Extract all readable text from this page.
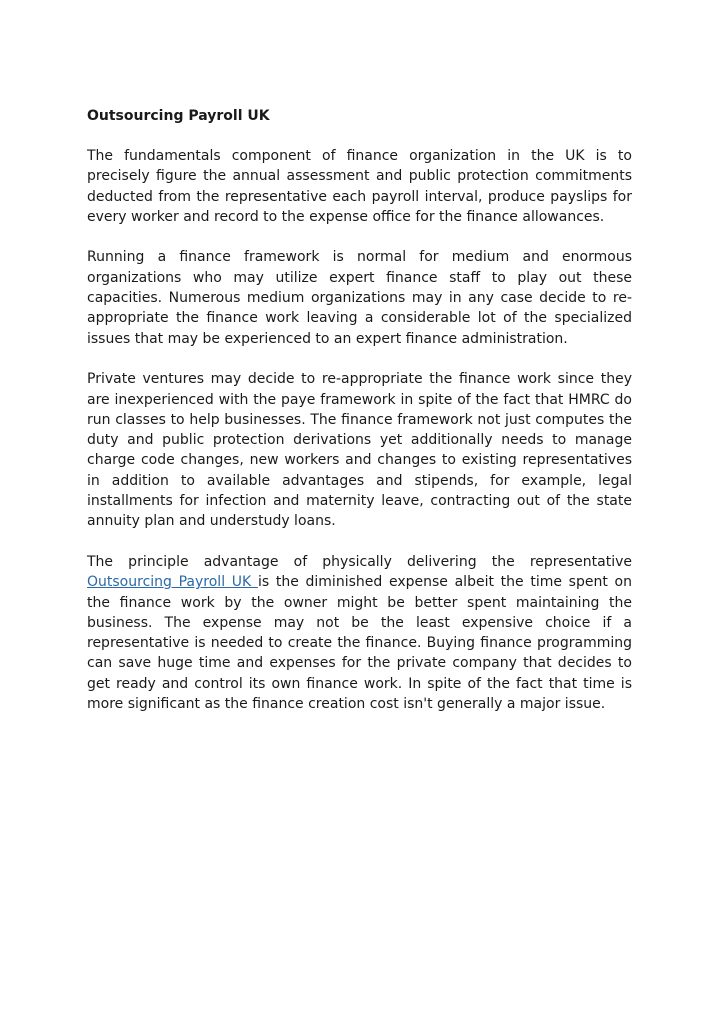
Outsourcing Payroll UK

The fundamentals component of finance organization in the UK is to precisely figure the annual assessment and public protection commitments deducted from the representative each payroll interval, produce payslips for every worker and record to the expense office for the finance allowances.

Running a finance framework is normal for medium and enormous organizations who may utilize expert finance staff to play out these capacities. Numerous medium organizations may in any case decide to re-appropriate the finance work leaving a considerable lot of the specialized issues that may be experienced to an expert finance administration.

Private ventures may decide to re-appropriate the finance work since they are inexperienced with the paye framework in spite of the fact that HMRC do run classes to help businesses. The finance framework not just computes the duty and public protection derivations yet additionally needs to manage charge code changes, new workers and changes to existing representatives in addition to available advantages and stipends, for example, legal installments for infection and maternity leave, contracting out of the state annuity plan and understudy loans.

The principle advantage of physically delivering the representative Outsourcing Payroll UK is the diminished expense albeit the time spent on the finance work by the owner might be better spent maintaining the business. The expense may not be the least expensive choice if a representative is needed to create the finance. Buying finance programming can save huge time and expenses for the private company that decides to get ready and control its own finance work. In spite of the fact that time is more significant as the finance creation cost isn't generally a major issue.
